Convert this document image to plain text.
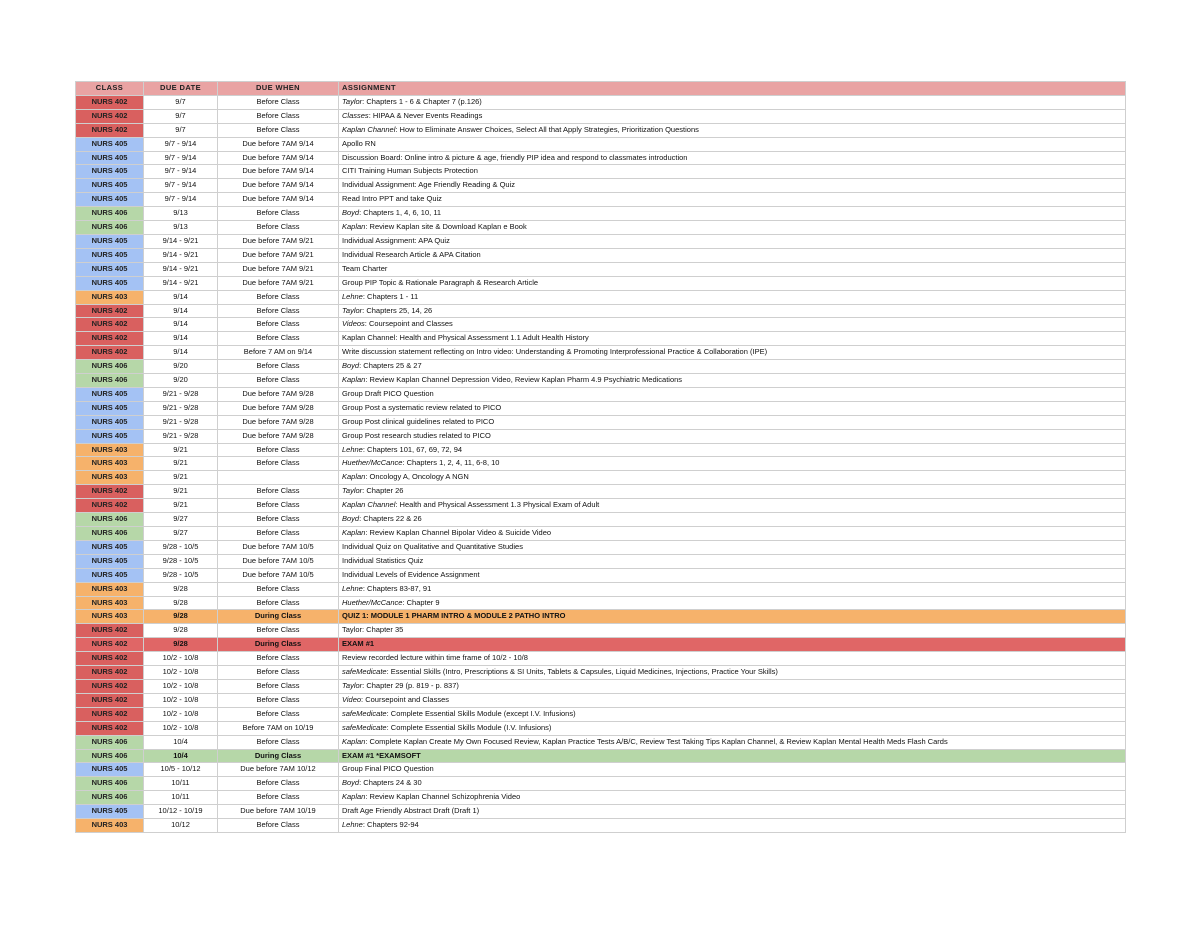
CLASS	DUE DATE	DUE WHEN	ASSIGNMENT
NURS 402	9/7	Before Class	Taylor: Chapters 1 - 6 & Chapter 7 (p.126)
NURS 402	9/7	Before Class	Classes: HIPAA & Never Events Readings
NURS 402	9/7	Before Class	Kaplan Channel: How to Eliminate Answer Choices, Select All that Apply Strategies, Prioritization Questions
NURS 405	9/7 - 9/14	Due before 7AM 9/14	Apollo RN
NURS 405	9/7 - 9/14	Due before 7AM 9/14	Discussion Board: Online intro & picture & age, friendly PIP idea and respond to classmates introduction
NURS 405	9/7 - 9/14	Due before 7AM 9/14	CITI Training Human Subjects Protection
NURS 405	9/7 - 9/14	Due before 7AM 9/14	Individual Assignment: Age Friendly Reading & Quiz
NURS 405	9/7 - 9/14	Due before 7AM 9/14	Read Intro PPT and take Quiz
NURS 406	9/13	Before Class	Boyd: Chapters 1, 4, 6, 10, 11
NURS 406	9/13	Before Class	Kaplan: Review Kaplan site & Download Kaplan e Book
NURS 405	9/14 - 9/21	Due before 7AM 9/21	Individual Assignment: APA Quiz
NURS 405	9/14 - 9/21	Due before 7AM 9/21	Individual Research Article & APA Citation
NURS 405	9/14 - 9/21	Due before 7AM 9/21	Team Charter
NURS 405	9/14 - 9/21	Due before 7AM 9/21	Group PIP Topic & Rationale Paragraph & Research Article
NURS 403	9/14	Before Class	Lehne: Chapters 1 - 11
NURS 402	9/14	Before Class	Taylor: Chapters 25, 14, 26
NURS 402	9/14	Before Class	Videos: Coursepoint and Classes
NURS 402	9/14	Before Class	Kaplan Channel: Health and Physical Assessment 1.1 Adult Health History
NURS 402	9/14	Before 7 AM on 9/14	Write discussion statement reflecting on Intro video: Understanding & Promoting Interprofessional Practice & Collaboration (IPE)
NURS 406	9/20	Before Class	Boyd: Chapters 25 & 27
NURS 406	9/20	Before Class	Kaplan: Review Kaplan Channel Depression Video, Review Kaplan Pharm 4.9 Psychiatric Medications
NURS 405	9/21 - 9/28	Due before 7AM 9/28	Group Draft PICO Question
NURS 405	9/21 - 9/28	Due before 7AM 9/28	Group Post a systematic review related to PICO
NURS 405	9/21 - 9/28	Due before 7AM 9/28	Group Post clinical guidelines related to PICO
NURS 405	9/21 - 9/28	Due before 7AM 9/28	Group Post research studies related to PICO
NURS 403	9/21	Before Class	Lehne: Chapters 101, 67, 69, 72, 94
NURS 403	9/21	Before Class	Huether/McCance: Chapters 1, 2, 4, 11, 6-8, 10
NURS 403	9/21		Kaplan: Oncology A, Oncology A NGN
NURS 402	9/21	Before Class	Taylor: Chapter 26
NURS 402	9/21	Before Class	Kaplan Channel: Health and Physical Assessment 1.3 Physical Exam of Adult
NURS 406	9/27	Before Class	Boyd: Chapters 22 & 26
NURS 406	9/27	Before Class	Kaplan: Review Kaplan Channel Bipolar Video & Suicide Video
NURS 405	9/28 - 10/5	Due before 7AM 10/5	Individual Quiz on Qualitative and Quantitative Studies
NURS 405	9/28 - 10/5	Due before 7AM 10/5	Individual Statistics Quiz
NURS 405	9/28 - 10/5	Due before 7AM 10/5	Individual Levels of Evidence Assignment
NURS 403	9/28	Before Class	Lehne: Chapters 83-87, 91
NURS 403	9/28	Before Class	Huether/McCance: Chapter 9
NURS 403	9/28	During Class	QUIZ 1: MODULE 1 PHARM INTRO & MODULE 2 PATHO INTRO
NURS 402	9/28	Before Class	Taylor: Chapter 35
NURS 402	9/28	During Class	EXAM #1
NURS 402	10/2 - 10/8	Before Class	Review recorded lecture within time frame of 10/2 - 10/8
NURS 402	10/2 - 10/8	Before Class	safeMedicate: Essential Skills (Intro, Prescriptions & SI Units, Tablets & Capsules, Liquid Medicines, Injections, Practice Your Skills)
NURS 402	10/2 - 10/8	Before Class	Taylor: Chapter 29 (p. 819 - p. 837)
NURS 402	10/2 - 10/8	Before Class	Video: Coursepoint and Classes
NURS 402	10/2 - 10/8	Before Class	safeMedicate: Complete Essential Skills Module (except I.V. Infusions)
NURS 402	10/2 - 10/8	Before 7AM on 10/19	safeMedicate: Complete Essential Skills Module (I.V. Infusions)
NURS 406	10/4	Before Class	Kaplan: Complete Kaplan Create My Own Focused Review, Kaplan Practice Tests A/B/C, Review Test Taking Tips Kaplan Channel, & Review Kaplan Mental Health Meds Flash Cards
NURS 406	10/4	During Class	EXAM #1 *EXAMSOFT
NURS 405	10/5 - 10/12	Due before 7AM 10/12	Group Final PICO Question
NURS 406	10/11	Before Class	Boyd: Chapters 24 & 30
NURS 406	10/11	Before Class	Kaplan: Review Kaplan Channel Schizophrenia Video
NURS 405	10/12 - 10/19	Due before 7AM 10/19	Draft Age Friendly Abstract Draft (Draft 1)
NURS 403	10/12	Before Class	Lehne: Chapters 92-94
